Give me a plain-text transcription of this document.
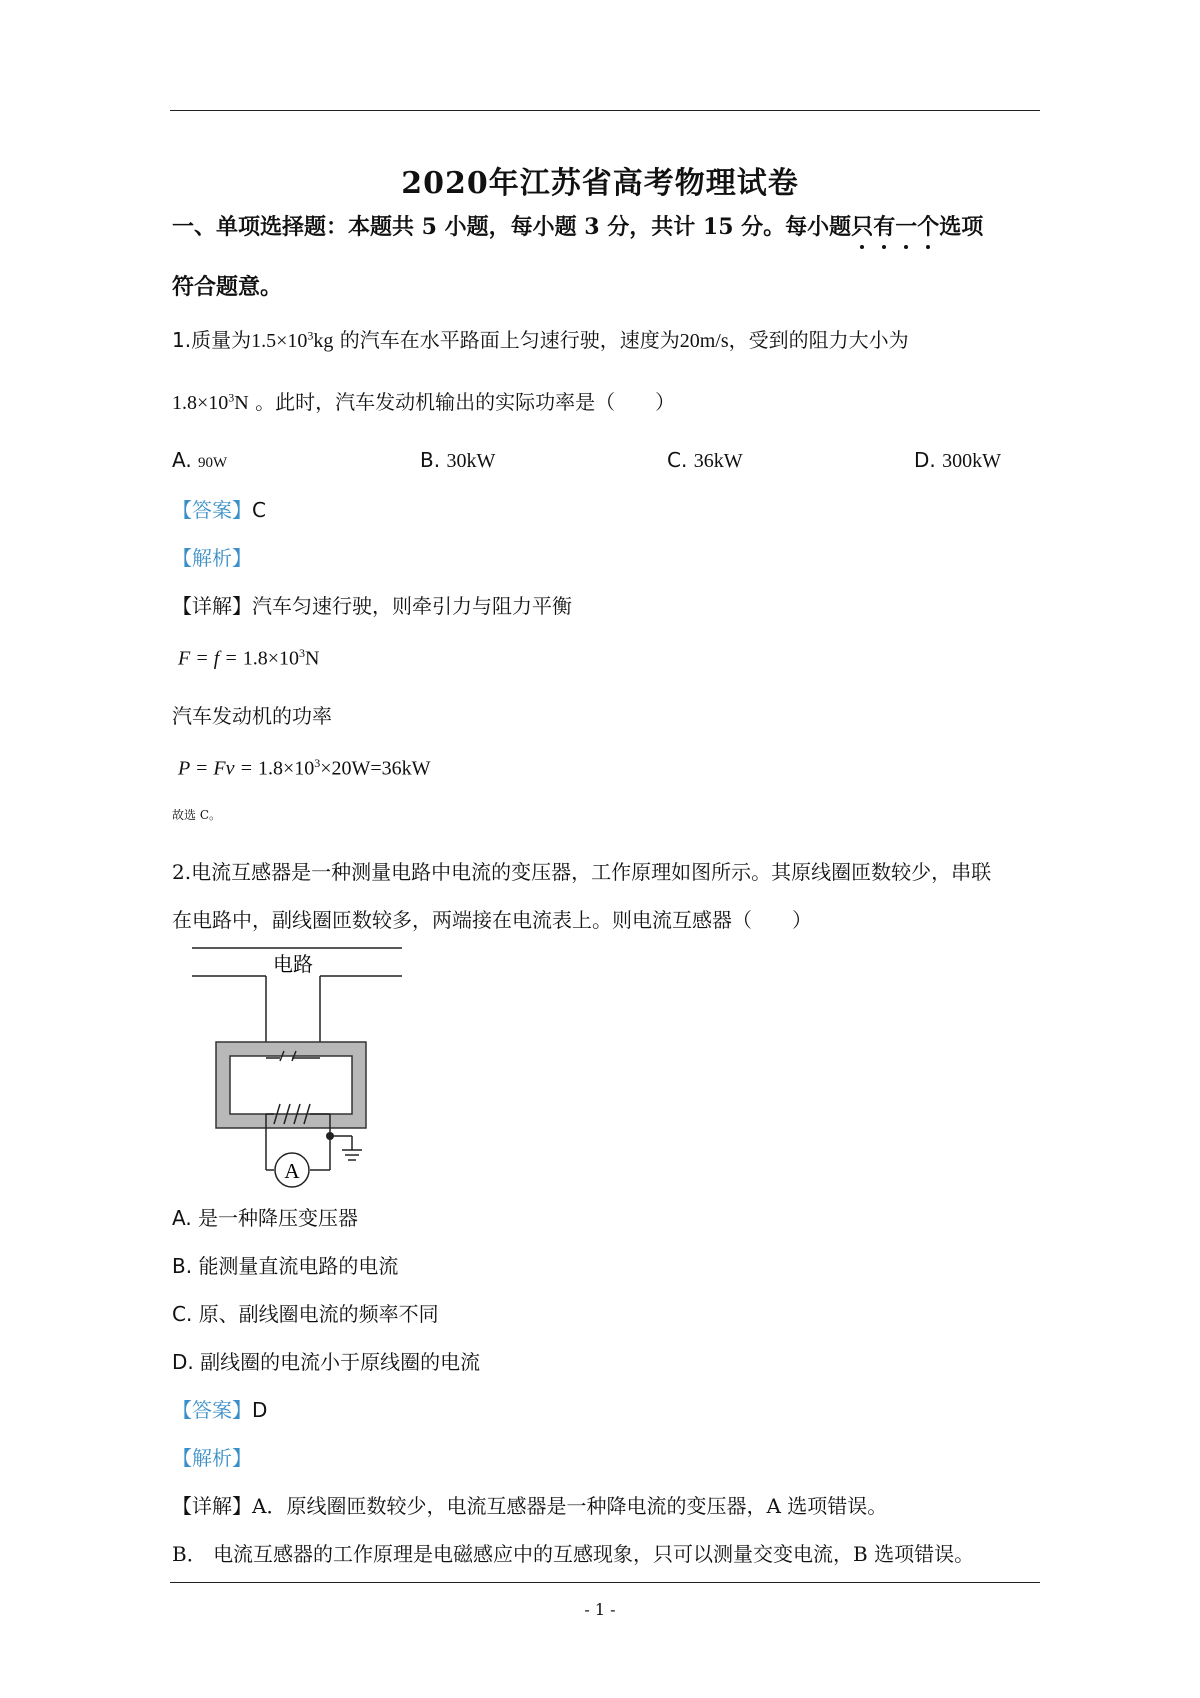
2020年江苏省高考物理试卷
一、单项选择题：本题共 5 小题，每小题 3 分，共计 15 分。每小题只有一个选项
符合题意。
1.质量为$1.5\times 10^3kg$ 的汽车在水平路面上匀速行驶，速度为20m/s，受到的阻力大小为
$1.8\times 10^3N$ 。此时，汽车发动机输出的实际功率是（　　）
A. 90W	B. 30kW	C. 36kW	D. 300kW
【答案】C
【解析】
【详解】汽车匀速行驶，则牵引力与阻力平衡
$F = f = 1.8\times 10^3N$
汽车发动机的功率
$P = Fv = 1.8\times 10^3\times 20W=36kW$
故选 C。
2.电流互感器是一种测量电路中电流的变压器，工作原理如图所示。其原线圈匝数较少，串联
在电路中，副线圈匝数较多，两端接在电流表上。则电流互感器（　　）
电路
A
A. 是一种降压变压器
B. 能测量直流电路的电流
C. 原、副线圈电流的频率不同
D. 副线圈的电流小于原线圈的电流
【答案】D
【解析】
【详解】A．原线圈匝数较少，电流互感器是一种降电流的变压器，A 选项错误。
B． 电流互感器的工作原理是电磁感应中的互感现象，只可以测量交变电流，B 选项错误。
- 1 -
